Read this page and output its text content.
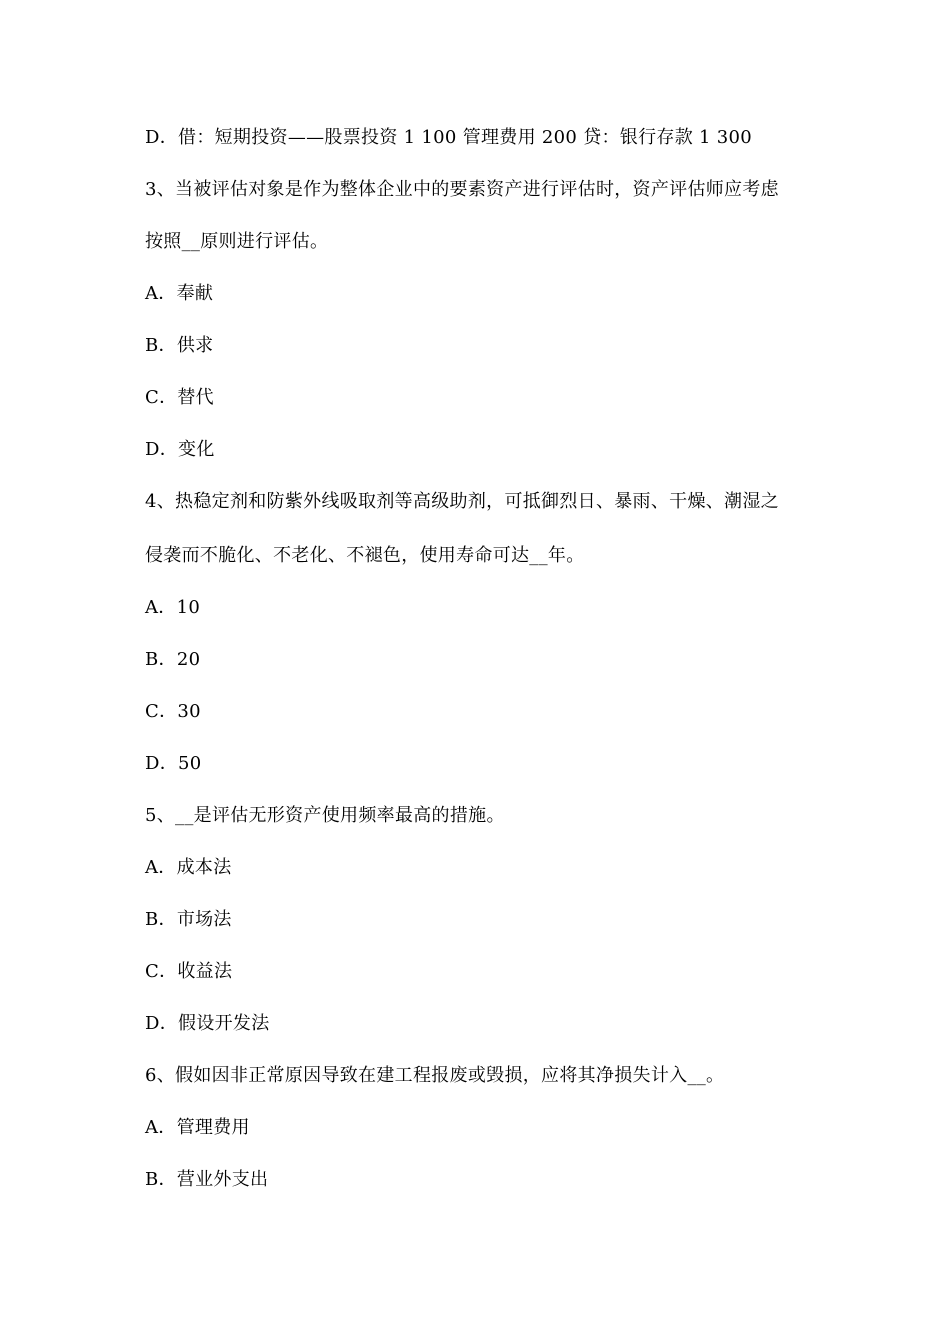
D．借：短期投资——股票投资 1 100 管理费用 200 贷：银行存款 1 300
3、当被评估对象是作为整体企业中的要素资产进行评估时，资产评估师应考虑
按照__原则进行评估。
A．奉献
B．供求
C．替代
D．变化
4、热稳定剂和防紫外线吸取剂等高级助剂，可抵御烈日、暴雨、干燥、潮湿之
侵袭而不脆化、不老化、不褪色，使用寿命可达__年。
A．10
B．20
C．30
D．50
5、__是评估无形资产使用频率最高的措施。
A．成本法
B．市场法
C．收益法
D．假设开发法
6、假如因非正常原因导致在建工程报废或毁损，应将其净损失计入__。
A．管理费用
B．营业外支出
